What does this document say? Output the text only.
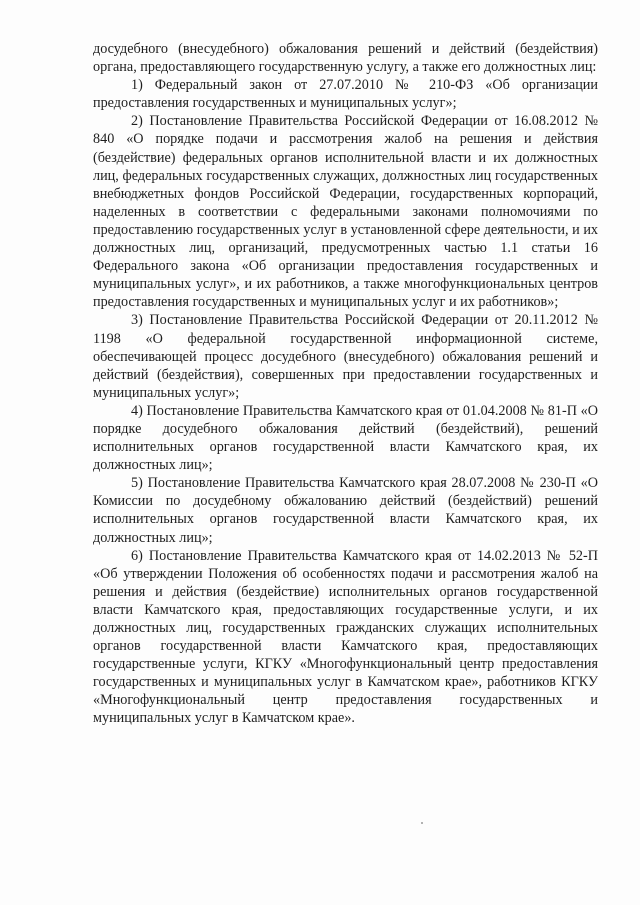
досудебного (внесудебного) обжалования решений и действий (бездействия) органа, предоставляющего государственную услугу, а также его должностных лиц:

1) Федеральный закон от 27.07.2010 № 210-ФЗ «Об организации предоставления государственных и муниципальных услуг»;

2) Постановление Правительства Российской Федерации от 16.08.2012 № 840 «О порядке подачи и рассмотрения жалоб на решения и действия (бездействие) федеральных органов исполнительной власти и их должностных лиц, федеральных государственных служащих, должностных лиц государственных внебюджетных фондов Российской Федерации, государственных корпораций, наделенных в соответствии с федеральными законами полномочиями по предоставлению государственных услуг в установленной сфере деятельности, и их должностных лиц, организаций, предусмотренных частью 1.1 статьи 16 Федерального закона «Об организации предоставления государственных и муниципальных услуг», и их работников, а также многофункциональных центров предоставления государственных и муниципальных услуг и их работников»;

3) Постановление Правительства Российской Федерации от 20.11.2012 № 1198 «О федеральной государственной информационной системе, обеспечивающей процесс досудебного (внесудебного) обжалования решений и действий (бездействия), совершенных при предоставлении государственных и муниципальных услуг»;

4) Постановление Правительства Камчатского края от 01.04.2008 № 81-П «О порядке досудебного обжалования действий (бездействий), решений исполнительных органов государственной власти Камчатского края, их должностных лиц»;

5) Постановление Правительства Камчатского края 28.07.2008 № 230-П «О Комиссии по досудебному обжалованию действий (бездействий) решений исполнительных органов государственной власти Камчатского края, их должностных лиц»;

6) Постановление Правительства Камчатского края от 14.02.2013 № 52-П «Об утверждении Положения об особенностях подачи и рассмотрения жалоб на решения и действия (бездействие) исполнительных органов государственной власти Камчатского края, предоставляющих государственные услуги, и их должностных лиц, государственных гражданских служащих исполнительных органов государственной власти Камчатского края, предоставляющих государственные услуги, КГКУ «Многофункциональный центр предоставления государственных и муниципальных услуг в Камчатском крае», работников КГКУ «Многофункциональный центр предоставления государственных и муниципальных услуг в Камчатском крае».
